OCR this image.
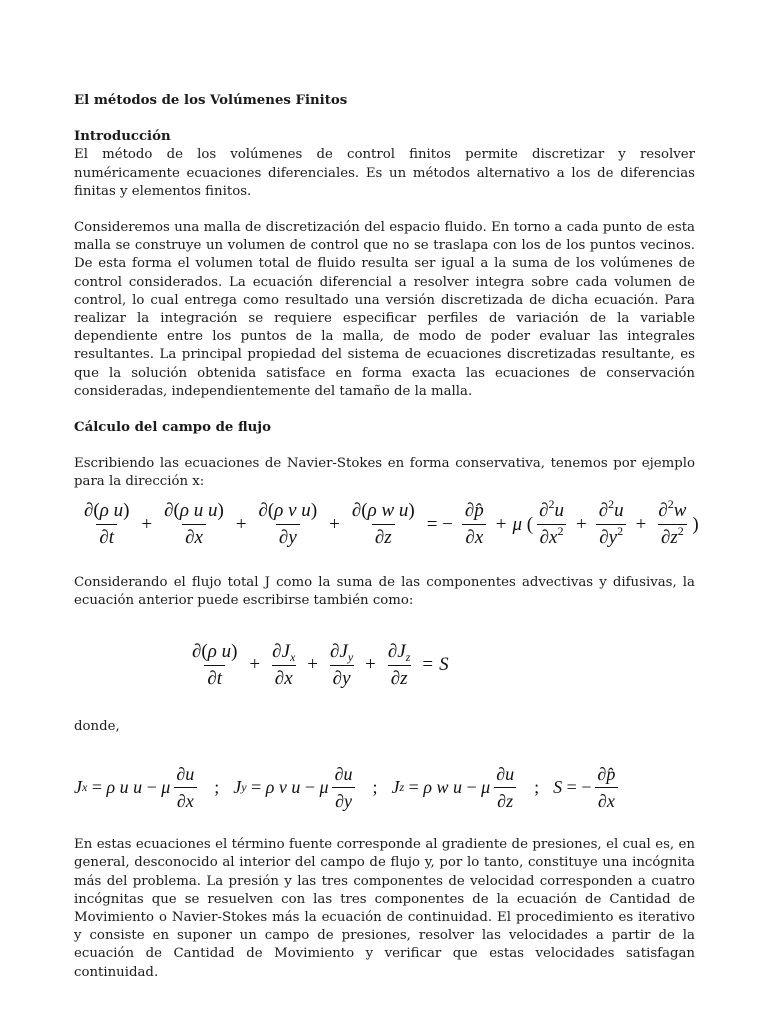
El métodos de los Volúmenes Finitos

Introducción

El método de los volúmenes de control finitos permite discretizar y resolver numéricamente ecuaciones diferenciales. Es un métodos alternativo a los de diferencias finitas y elementos finitos.

Consideremos una malla de discretización del espacio fluido. En torno a cada punto de esta malla se construye un volumen de control que no se traslapa con los de los puntos vecinos. De esta forma el volumen total de fluido resulta ser igual a la suma de los volúmenes de control considerados. La ecuación diferencial a resolver integra sobre cada volumen de control, lo cual entrega como resultado una versión discretizada de dicha ecuación. Para realizar la integración se requiere especificar perfiles de variación de la variable dependiente entre los puntos de la malla, de modo de poder evaluar las integrales resultantes. La principal propiedad del sistema de ecuaciones discretizadas resultante, es que la solución obtenida satisface en forma exacta las ecuaciones de conservación consideradas, independientemente del tamaño de la malla.

Cálculo del campo de flujo

Escribiendo las ecuaciones de Navier-Stokes en forma conservativa, tenemos por ejemplo para la dirección x:

$\frac{\text{∂(ρ u)}}{\partial t} + \frac{\text{∂(ρ u u)}}{\partial x} + \frac{\text{∂(ρ v u)}}{\partial y} + \frac{\text{∂(ρ w u)}}{\partial z}$ = − $\frac{\partial p̂}{\partial x} + \mu$ ( $\frac{\partial^2u}{\partial x^2} + \frac{\partial^2u}{\partial y^2} + \frac{\partial^2w}{\partial z^2}$ )

Considerando el flujo total J como la suma de las componentes advectivas y difusivas, la ecuación anterior puede escribirse también como:

$\frac{\text{∂(ρ u)}}{\partial t} + \frac{\partial J_x}{\partial x} + \frac{\partial J_y}{\partial y} + \frac{\partial J_z}{\partial z} = S$

donde,

J x = ρ u u − μ $\frac{\partial u}{\partial x}$ ; J y = ρ v u − μ $\frac{\partial u}{\partial y}$ ; J z = ρ w u − μ $\frac{\partial u}{\partial z}$ ; S = − $\frac{\partial p̂}{\partial x}$

En estas ecuaciones el término fuente corresponde al gradiente de presiones, el cual es, en general, desconocido al interior del campo de flujo y, por lo tanto, constituye una incógnita más del problema. La presión y las tres componentes de velocidad corresponden a cuatro incógnitas que se resuelven con las tres componentes de la ecuación de Cantidad de Movimiento o Navier-Stokes más la ecuación de continuidad. El procedimiento es iterativo y consiste en suponer un campo de presiones, resolver las velocidades a partir de la ecuación de Cantidad de Movimiento y verificar que estas velocidades satisfagan continuidad.
